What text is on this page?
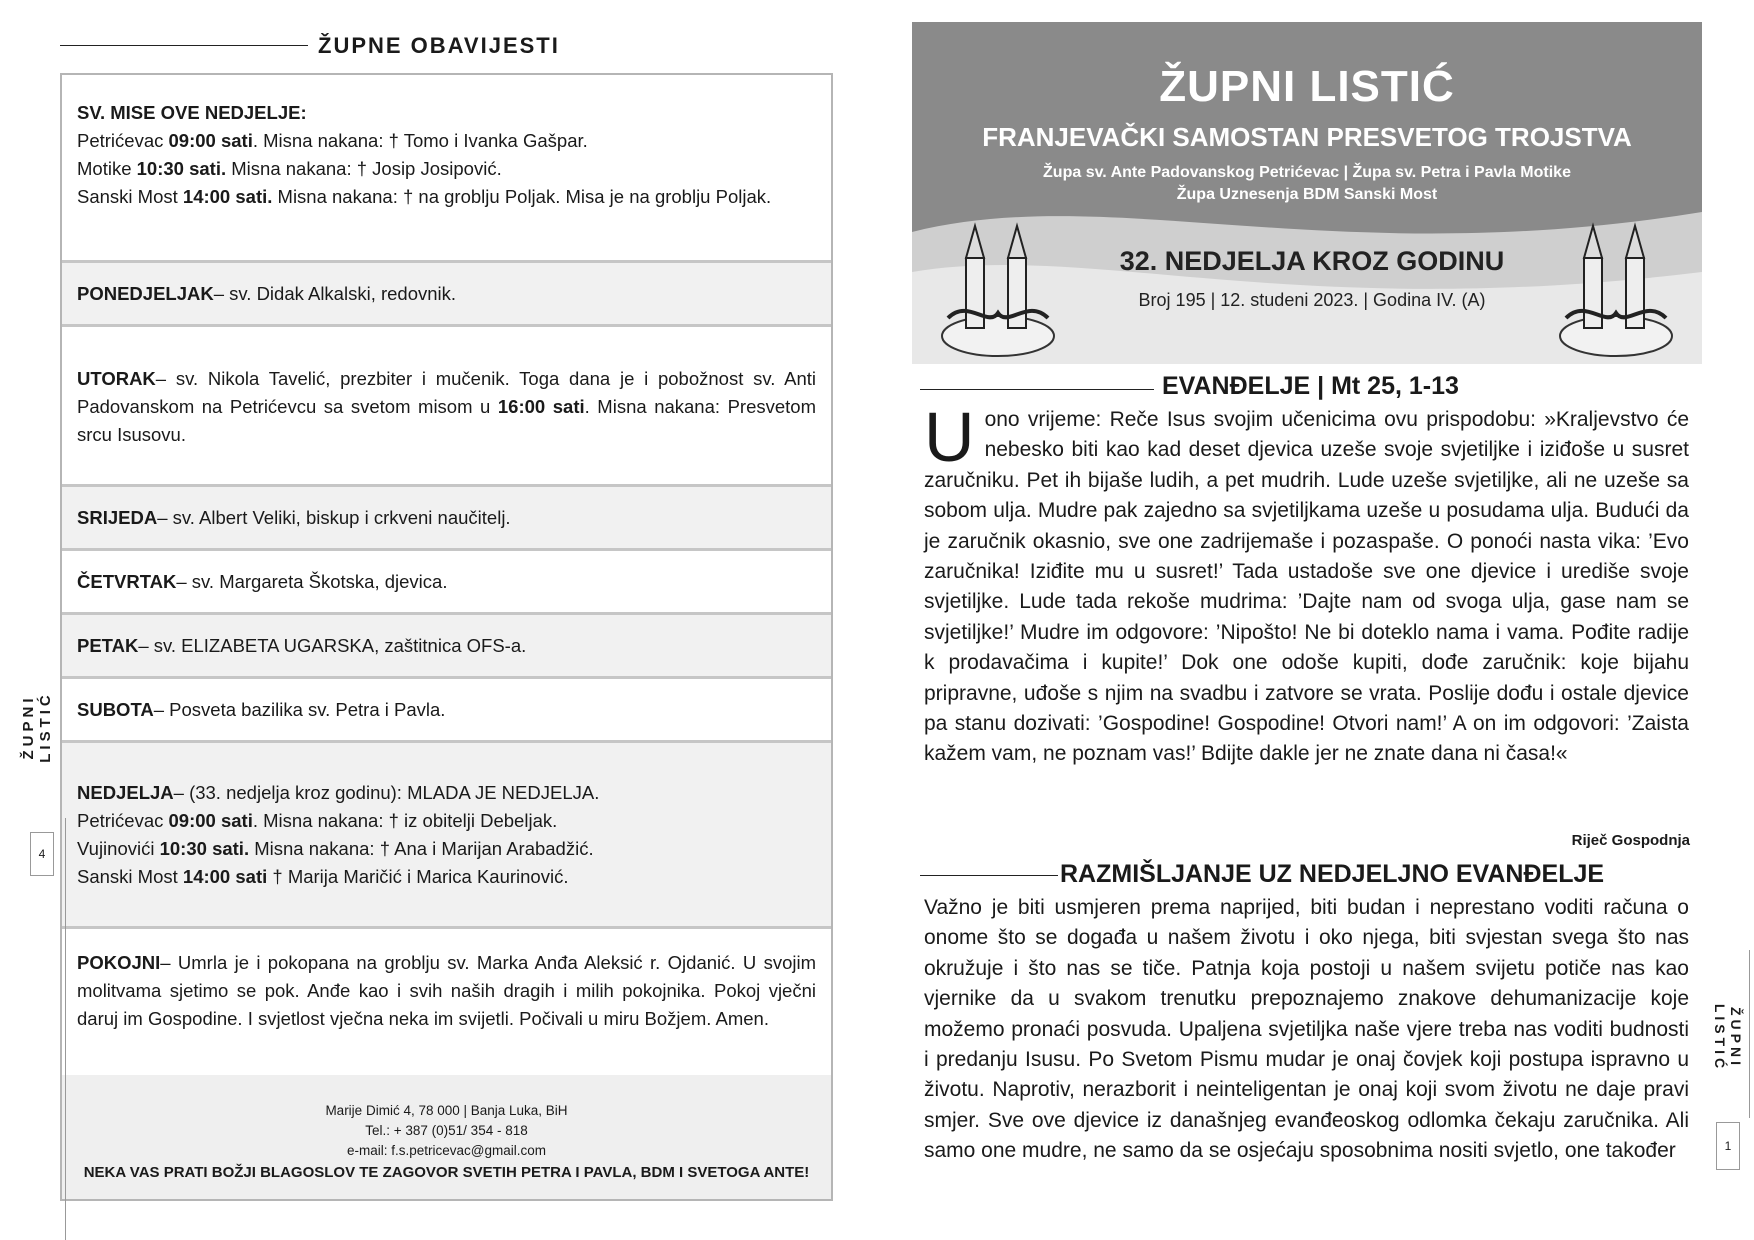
ŽUPNE OBAVIJESTI

SV. MISE OVE NEDJELJE:

Petrićevac 09:00 sati. Misna nakana: † Tomo i Ivanka Gašpar.

Motike 10:30 sati. Misna nakana: † Josip Josipović.

Sanski Most 14:00 sati. Misna nakana: † na groblju Poljak. Misa je na groblju Poljak.

PONEDJELJAK– sv. Didak Alkalski, redovnik.

UTORAK– sv. Nikola Tavelić, prezbiter i mučenik. Toga dana je i pobožnost sv. Anti Padovanskom na Petrićevcu sa svetom misom u 16:00 sati. Misna nakana: Presvetom srcu Isusovu.

SRIJEDA– sv. Albert Veliki, biskup i crkveni naučitelj.

ČETVRTAK– sv. Margareta Škotska, djevica.

PETAK– sv. ELIZABETA UGARSKA, zaštitnica OFS-a.

SUBOTA– Posveta bazilika sv. Petra i Pavla.

NEDJELJA– (33. nedjelja kroz godinu): MLADA JE NEDJELJA.

Petrićevac 09:00 sati. Misna nakana: † iz obitelji Debeljak.

Vujinovići 10:30 sati. Misna nakana: † Ana i Marijan Arabadžić.

Sanski Most 14:00 sati † Marija Maričić i Marica Kaurinović.

POKOJNI– Umrla je i pokopana na groblju sv. Marka Anđa Aleksić r. Ojdanić. U svojim molitvama sjetimo se pok. Anđe kao i svih naših dragih i milih pokojnika. Pokoj vječni daruj im Gospodine. I svjetlost vječna neka im svijetli. Počivali u miru Božjem. Amen.

Marije Dimić 4, 78 000 | Banja Luka, BiH
Tel.: + 387 (0)51/ 354 - 818
e-mail: f.s.petricevac@gmail.com
NEKA VAS PRATI BOŽJI BLAGOSLOV TE ZAGOVOR SVETIH PETRA I PAVLA, BDM I SVETOGA ANTE!
ŽUPNI LISTIĆ
4
ŽUPNI LISTIĆ
FRANJEVAČKI SAMOSTAN PRESVETOG TROJSTVA
Župa sv. Ante Padovanskog Petrićevac | Župa sv. Petra i Pavla Motike
Župa Uznesenja BDM Sanski Most
32. NEDJELJA KROZ GODINU
Broj 195 | 12. studeni 2023. | Godina IV. (A)
EVANĐELJE | Mt 25, 1-13
Uono vrijeme: Reče Isus svojim učenicima ovu prispodobu: »Kraljevstvo će nebesko biti kao kad deset djevica uzeše svoje svjetiljke i iziđoše u susret zaručniku. Pet ih bijaše ludih, a pet mudrih. Lude uzeše svjetiljke, ali ne uzeše sa sobom ulja. Mudre pak zajedno sa svjetiljkama uzeše u posudama ulja. Budući da je zaručnik okasnio, sve one zadrijemaše i pozaspaše. O ponoći nasta vika: ’Evo zaručnika! Iziđite mu u susret!’ Tada ustadoše sve one djevice i urediše svoje svjetiljke. Lude tada rekoše mudrima: ’Dajte nam od svoga ulja, gase nam se svjetiljke!’ Mudre im odgovore: ’Nipošto! Ne bi doteklo nama i vama. Pođite radije k prodavačima i kupite!’ Dok one odoše kupiti, dođe zaručnik: koje bijahu pripravne, uđoše s njim na svadbu i zatvore se vrata. Poslije dođu i ostale djevice pa stanu dozivati: ’Gospodine! Gospodine! Otvori nam!’ A on im odgovori: ’Zaista kažem vam, ne poznam vas!’ Bdijte dakle jer ne znate dana ni časa!«
Riječ Gospodnja
RAZMIŠLJANJE UZ NEDJELJNO EVANĐELJE
Važno je biti usmjeren prema naprijed, biti budan i neprestano voditi računa o onome što se događa u našem životu i oko njega, biti svjestan svega što nas okružuje i što nas se tiče. Patnja koja postoji u našem svijetu potiče nas kao vjernike da u svakom trenutku prepoznajemo znakove dehumanizacije koje možemo pronaći posvuda. Upaljena svjetiljka naše vjere treba nas voditi budnosti i predanju Isusu. Po Svetom Pismu mudar je onaj čovjek koji postupa ispravno u životu. Naprotiv, nerazborit i neinteligentan je onaj koji svom životu ne daje pravi smjer. Sve ove djevice iz današnjeg evanđeoskog odlomka čekaju zaručnika. Ali samo one mudre, ne samo da se osjećaju sposobnima nositi svjetlo, one također
ŽUPNI LISTIĆ
1
